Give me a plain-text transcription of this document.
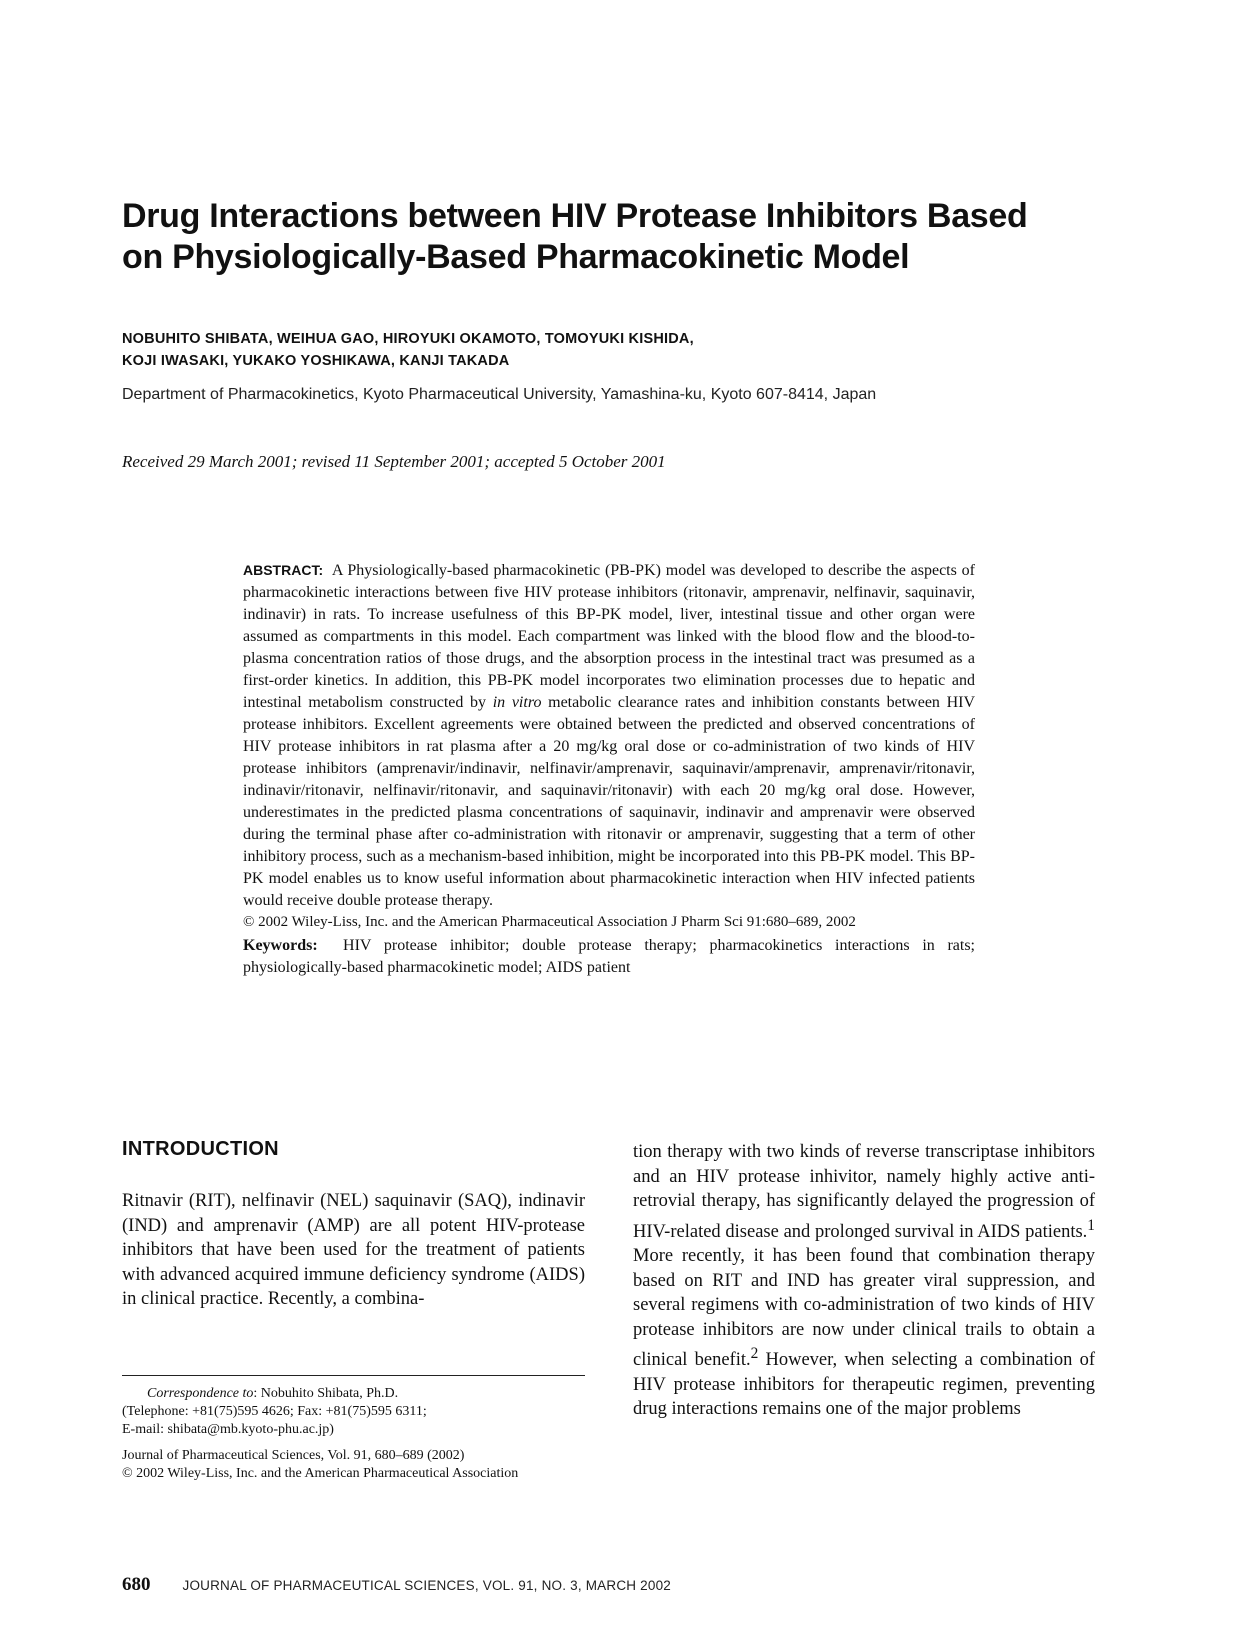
Drug Interactions between HIV Protease Inhibitors Based
on Physiologically-Based Pharmacokinetic Model
NOBUHITO SHIBATA, WEIHUA GAO, HIROYUKI OKAMOTO, TOMOYUKI KISHIDA,
KOJI IWASAKI, YUKAKO YOSHIKAWA, KANJI TAKADA
Department of Pharmacokinetics, Kyoto Pharmaceutical University, Yamashina-ku, Kyoto 607-8414, Japan
Received 29 March 2001; revised 11 September 2001; accepted 5 October 2001
ABSTRACT: A Physiologically-based pharmacokinetic (PB-PK) model was developed to describe the aspects of pharmacokinetic interactions between five HIV protease inhibitors (ritonavir, amprenavir, nelfinavir, saquinavir, indinavir) in rats. To increase usefulness of this BP-PK model, liver, intestinal tissue and other organ were assumed as compartments in this model. Each compartment was linked with the blood flow and the blood-to-plasma concentration ratios of those drugs, and the absorption process in the intestinal tract was presumed as a first-order kinetics. In addition, this PB-PK model incorporates two elimination processes due to hepatic and intestinal metabolism constructed by in vitro metabolic clearance rates and inhibition constants between HIV protease inhibitors. Excellent agreements were obtained between the predicted and observed concentrations of HIV protease inhibitors in rat plasma after a 20 mg/kg oral dose or co-administration of two kinds of HIV protease inhibitors (amprenavir/​indinavir, nelfinavir/​amprenavir, saquinavir/​amprenavir, amprenavir/​ritonavir, indinavir/​ritonavir, nelfinavir/​ritonavir, and saquinavir/​ritonavir) with each 20 mg/kg oral dose. However, underestimates in the predicted plasma concentrations of saquinavir, indinavir and amprenavir were observed during the terminal phase after co-administration with ritonavir or amprenavir, suggesting that a term of other inhibitory process, such as a mechanism-based inhibition, might be incorporated into this PB-PK model. This BP-PK model enables us to know useful information about pharmacokinetic interaction when HIV infected patients would receive double protease therapy.
© 2002 Wiley-Liss, Inc. and the American Pharmaceutical Association J Pharm Sci 91:680–689, 2002
Keywords: HIV protease inhibitor; double protease therapy; pharmacokinetics interactions in rats; physiologically-based pharmacokinetic model; AIDS patient
INTRODUCTION
Ritnavir (RIT), nelfinavir (NEL) saquinavir (SAQ), indinavir (IND) and amprenavir (AMP) are all potent HIV-protease inhibitors that have been used for the treatment of patients with advanced acquired immune deficiency syndrome (AIDS) in clinical practice. Recently, a combina-
Correspondence to: Nobuhito Shibata, Ph.D.
(Telephone: +81(75)595 4626; Fax: +81(75)595 6311;
E-mail: shibata@mb.kyoto-phu.ac.jp)
Journal of Pharmaceutical Sciences, Vol. 91, 680–689 (2002)
© 2002 Wiley-Liss, Inc. and the American Pharmaceutical Association
tion therapy with two kinds of reverse transcriptase inhibitors and an HIV protease inhivitor, namely highly active anti-retrovial therapy, has significantly delayed the progression of HIV-​related disease and prolonged survival in AIDS patients.$^1$ More recently, it has been found that combination therapy based on RIT and IND has greater viral suppression, and several regimens with co-administration of two kinds of HIV protease inhibitors are now under clinical trails to obtain a clinical benefit.$^2$ However, when selecting a combination of HIV protease inhibitors for therapeutic regimen, preventing drug interactions remains one of the major problems
680 JOURNAL OF PHARMACEUTICAL SCIENCES, VOL. 91, NO. 3, MARCH 2002
